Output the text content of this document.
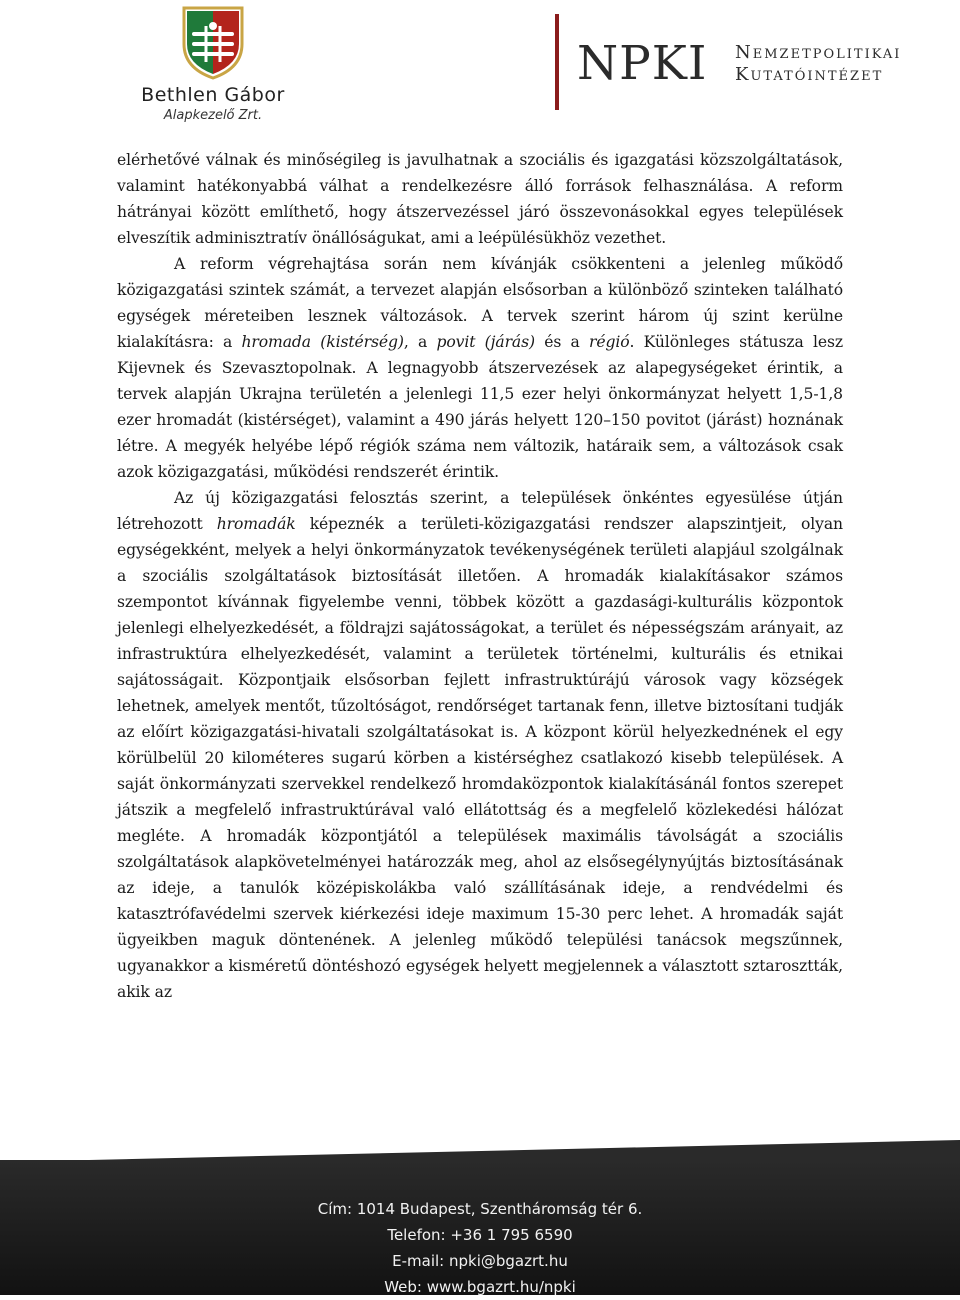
Bethlen Gábor
Alapkezelő Zrt.
NPKI Nemzetpolitikai
Kutatóintézet

elérhetővé válnak és minőségileg is javulhatnak a szociális és igazgatási közszolgáltatások, valamint hatékonyabbá válhat a rendelkezésre álló források felhasználása. A reform hátrányai között említhető, hogy átszervezéssel járó összevonásokkal egyes települések elveszítik adminisztratív önállóságukat, ami a leépülésükhöz vezethet.

A reform végrehajtása során nem kívánják csökkenteni a jelenleg működő közigazgatási szintek számát, a tervezet alapján elsősorban a különböző szinteken található egységek méreteiben lesznek változások. A tervek szerint három új szint kerülne kialakításra: a hromada (kistérség), a povit (járás) és a régió. Különleges státusza lesz Kijevnek és Szevasztopolnak. A legnagyobb átszervezések az alapegységeket érintik, a tervek alapján Ukrajna területén a jelenlegi 11,5 ezer helyi önkormányzat helyett 1,5-1,8 ezer hromadát (kistérséget), valamint a 490 járás helyett 120–150 povitot (járást) hoznának létre. A megyék helyébe lépő régiók száma nem változik, határaik sem, a változások csak azok közigazgatási, működési rendszerét érintik.

Az új közigazgatási felosztás szerint, a települések önkéntes egyesülése útján létrehozott hromadák képeznék a területi-közigazgatási rendszer alapszintjeit, olyan egységekként, melyek a helyi önkormányzatok tevékenységének területi alapjául szolgálnak a szociális szolgáltatások biztosítását illetően. A hromadák kialakításakor számos szempontot kívánnak figyelembe venni, többek között a gazdasági-kulturális központok jelenlegi elhelyezkedését, a földrajzi sajátosságokat, a terület és népességszám arányait, az infrastruktúra elhelyezkedését, valamint a területek történelmi, kulturális és etnikai sajátosságait. Központjaik elsősorban fejlett infrastruktúrájú városok vagy községek lehetnek, amelyek mentőt, tűzoltóságot, rendőrséget tartanak fenn, illetve biztosítani tudják az előírt közigazgatási-hivatali szolgáltatásokat is. A központ körül helyezkednének el egy körülbelül 20 kilométeres sugarú körben a kistérséghez csatlakozó kisebb települések. A saját önkormányzati szervekkel rendelkező hromdaközpontok kialakításánál fontos szerepet játszik a megfelelő infrastruktúrával való ellátottság és a megfelelő közlekedési hálózat megléte. A hromadák központjától a települések maximális távolságát a szociális szolgáltatások alapkövetelményei határozzák meg, ahol az elsősegélynyújtás biztosításának az ideje, a tanulók középiskolákba való szállításának ideje, a rendvédelmi és katasztrófavédelmi szervek kiérkezési ideje maximum 15-30 perc lehet. A hromadák saját ügyeikben maguk döntenének. A jelenleg működő települési tanácsok megszűnnek, ugyanakkor a kisméretű döntéshozó egységek helyett megjelennek a választott sztarosztták, akik az

Cím: 1014 Budapest, Szentháromság tér 6.
Telefon: +36 1 795 6590
E-mail: npki@bgazrt.hu
Web: www.bgazrt.hu/npki
